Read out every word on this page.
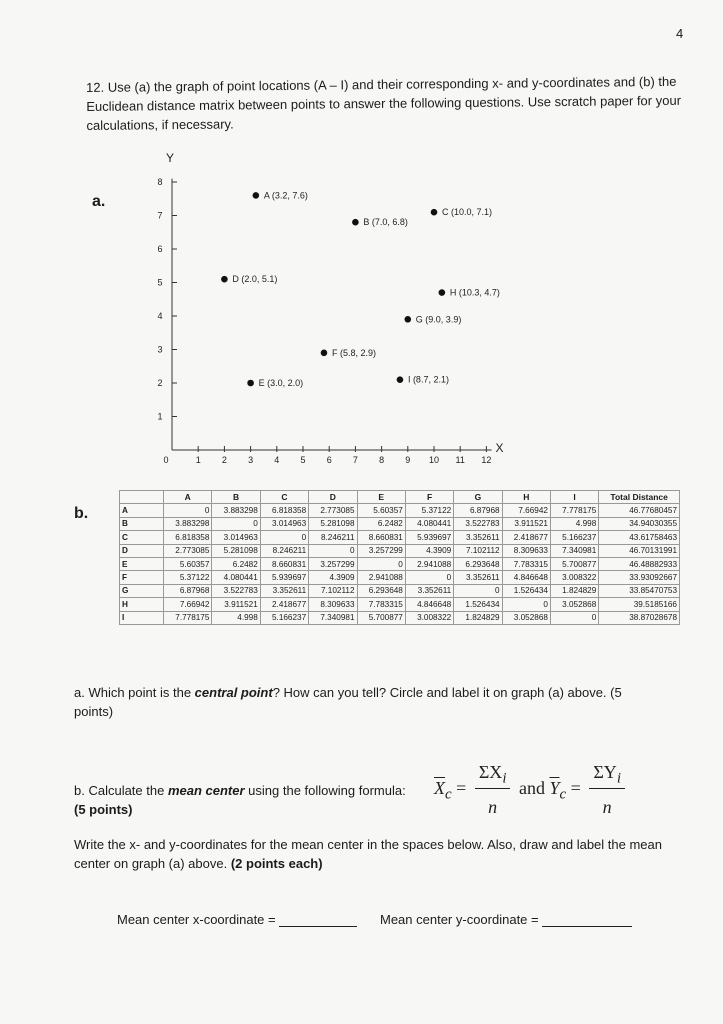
4
12. Use (a) the graph of point locations (A – I) and their corresponding x- and y-coordinates and (b) the Euclidean distance matrix between points to answer the following questions. Use scratch paper for your calculations, if necessary.
a.
Y
X
0	1 2 3 4 5 6 7 8 9 10 11 12
1
2
3
4
5
6
7
8
A (3.2, 7.6)
B (7.0, 6.8)
C (10.0, 7.1)
D (2.0, 5.1)
E (3.0, 2.0)
F (5.8, 2.9)
G (9.0, 3.9)
H (10.3, 4.7)
I (8.7, 2.1)
b.
	A	B	C	D	E	F	G	H	I	Total Distance
A	0	3.883298	6.818358	2.773085	5.60357	5.37122	6.87968	7.66942	7.778175	46.77680457
B	3.883298	0	3.014963	5.281098	6.2482	4.080441	3.522783	3.911521	4.998	34.94030355
C	6.818358	3.014963	0	8.246211	8.660831	5.939697	3.352611	2.418677	5.166237	43.61758463
D	2.773085	5.281098	8.246211	0	3.257299	4.3909	7.102112	8.309633	7.340981	46.70131991
E	5.60357	6.2482	8.660831	3.257299	0	2.941088	6.293648	7.783315	5.700877	46.48882933
F	5.37122	4.080441	5.939697	4.3909	2.941088	0	3.352611	4.846648	3.008322	33.93092667
G	6.87968	3.522783	3.352611	7.102112	6.293648	3.352611	0	1.526434	1.824829	33.85470753
H	7.66942	3.911521	2.418677	8.309633	7.783315	4.846648	1.526434	0	3.052868	39.5185166
I	7.778175	4.998	5.166237	7.340981	5.700877	3.008322	1.824829	3.052868	0	38.87028678
a. Which point is the central point? How can you tell? Circle and label it on graph (a) above. (5 points)
b. Calculate the mean center using the following formula:
(5 points)
$\overline{X}_c = \frac{\Sigma X_i}{n}$ and $\overline{Y}_c = \frac{\Sigma Y_i}{n}$
Write the x- and y-coordinates for the mean center in the spaces below. Also, draw and label the mean center on graph (a) above. (2 points each)
Mean center x-coordinate =	Mean center y-coordinate =
